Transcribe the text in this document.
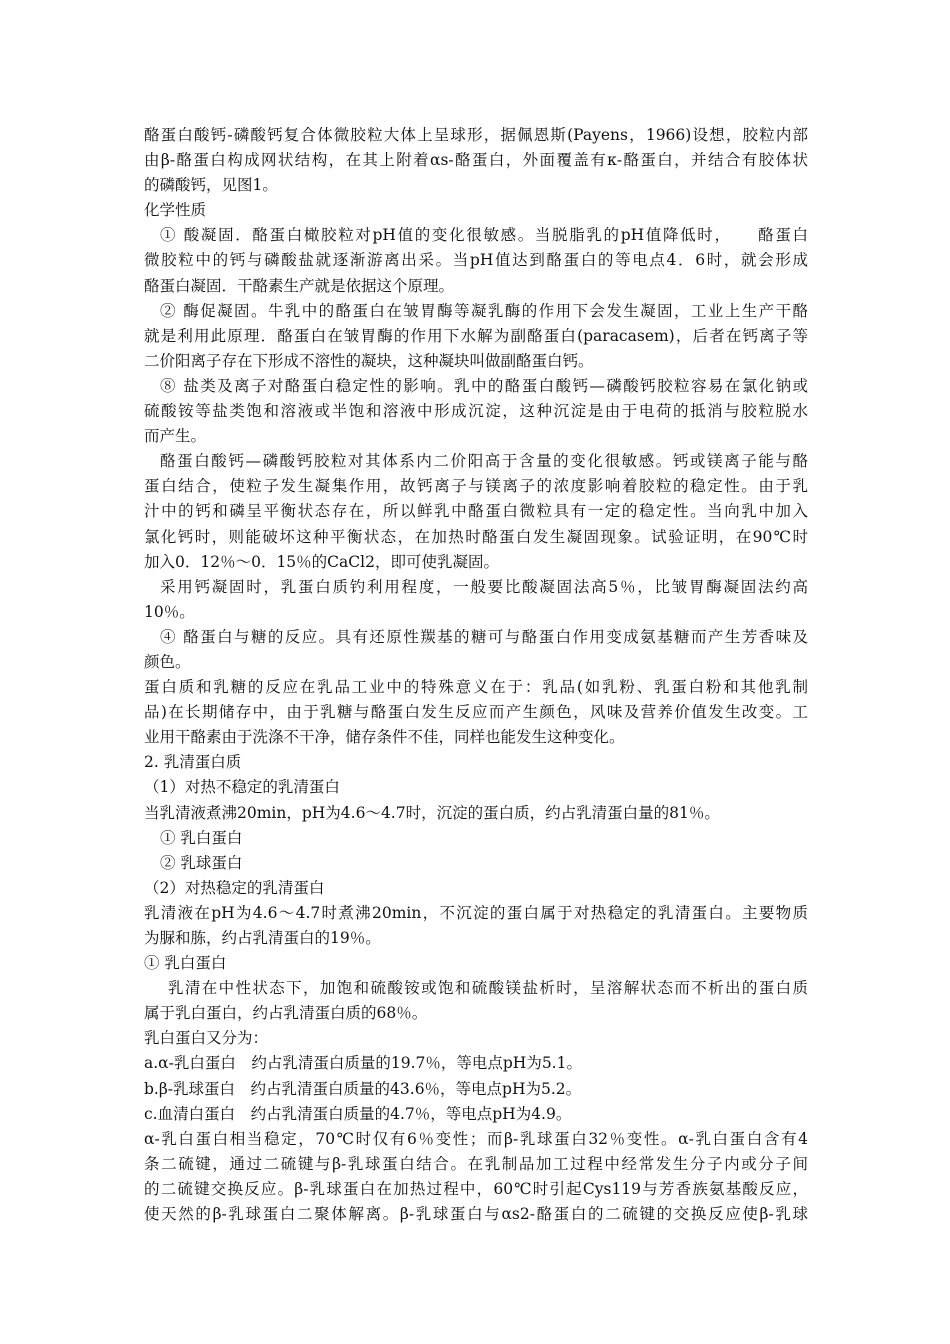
酪蛋白酸钙-磷酸钙复合体微胶粒大体上呈球形，据佩恩斯(Payens，1966)设想，胶粒内部

由β-酪蛋白构成网状结构，在其上附着αs-酪蛋白，外面覆盖有κ-酪蛋白，并结合有胶体状

的磷酸钙，见图1。

化学性质

① 酸凝固．酪蛋白橄胶粒对pH值的变化很敏感。当脱脂乳的pH值降低时，　　酪蛋白

微胶粒中的钙与磷酸盐就逐渐游离出采。当pH值达到酪蛋白的等电点4．6时，就会形成

酪蛋白凝固．干酪素生产就是依据这个原理。

② 酶促凝固。牛乳中的酪蛋白在皱胃酶等凝乳酶的作用下会发生凝固，工业上生产干酪

就是利用此原理．酪蛋白在皱胃酶的作用下水解为副酪蛋白(paracasem)，后者在钙离子等

二价阳离子存在下形成不溶性的凝块，这种凝块叫做副酪蛋白钙。

⑧ 盐类及离子对酪蛋白稳定性的影响。乳中的酪蛋白酸钙—磷酸钙胶粒容易在氯化钠或

硫酸铵等盐类饱和溶液或半饱和溶液中形成沉淀，这种沉淀是由于电荷的抵消与胶粒脱水

而产生。

酪蛋白酸钙—磷酸钙胶粒对其体系内二价阳高于含量的变化很敏感。钙或镁离子能与酪

蛋白结合，使粒子发生凝集作用，故钙离子与镁离子的浓度影响着胶粒的稳定性。由于乳

汁中的钙和磷呈平衡状态存在，所以鲜乳中酪蛋白微粒具有一定的稳定性。当向乳中加入

氯化钙时，则能破坏这种平衡状态，在加热时酪蛋白发生凝固现象。试验证明，在90℃时

加入0．12％～0．15％的CaCl2，即可使乳凝固。

采用钙凝固时，乳蛋白质钓利用程度，一般要比酸凝固法高5％，比皱胃酶凝固法约高

10％。

④ 酪蛋白与糖的反应。具有还原性羰基的糖可与酪蛋白作用变成氨基糖而产生芳香味及

颜色。

蛋白质和乳糖的反应在乳品工业中的特殊意义在于：乳品(如乳粉、乳蛋白粉和其他乳制

品)在长期储存中，由于乳糖与酪蛋白发生反应而产生颜色，风味及营养价值发生改变。工

业用干酪素由于洗涤不干净，储存条件不佳，同样也能发生这种变化。

2. 乳清蛋白质

（1）对热不稳定的乳清蛋白

当乳清液煮沸20min，pH为4.6～4.7时，沉淀的蛋白质，约占乳清蛋白量的81％。

① 乳白蛋白

② 乳球蛋白

（2）对热稳定的乳清蛋白

乳清液在pH为4.6～4.7时煮沸20min，不沉淀的蛋白属于对热稳定的乳清蛋白。主要物质

为脲和胨，约占乳清蛋白的19％。

① 乳白蛋白

乳清在中性状态下，加饱和硫酸铵或饱和硫酸镁盐析时，呈溶解状态而不析出的蛋白质

属于乳白蛋白，约占乳清蛋白质的68％。

乳白蛋白又分为：

a.α-乳白蛋白　约占乳清蛋白质量的19.7％，等电点pH为5.1。

b.β-乳球蛋白　约占乳清蛋白质量的43.6％，等电点pH为5.2。

c.血清白蛋白　约占乳清蛋白质量的4.7％，等电点pH为4.9。

α-乳白蛋白相当稳定，70℃时仅有6％变性；而β-乳球蛋白32％变性。α-乳白蛋白含有4

条二硫键，通过二硫键与β-乳球蛋白结合。在乳制品加工过程中经常发生分子内或分子间

的二硫键交换反应。β-乳球蛋白在加热过程中，60℃时引起Cys119与芳香族氨基酸反应，

使天然的β-乳球蛋白二聚体解离。β-乳球蛋白与αs2-酪蛋白的二硫键的交换反应使β-乳球
